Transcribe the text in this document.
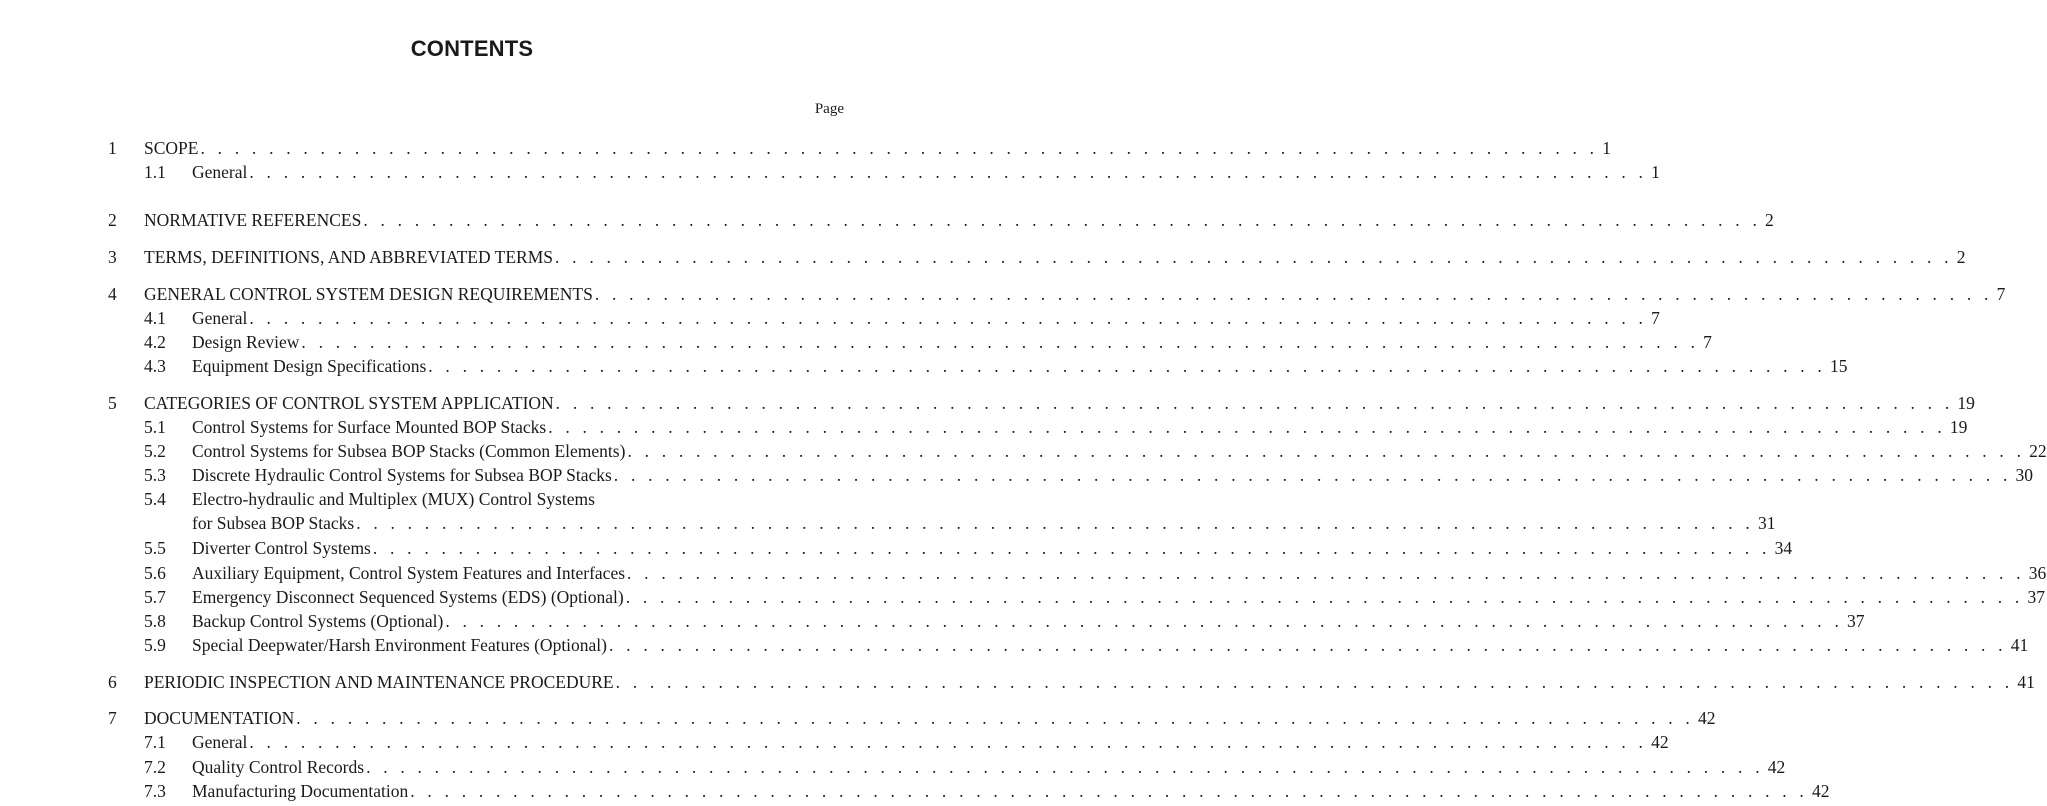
CONTENTS
Page
1 SCOPE . . . . . . . . . . . . . . . . . . . . . . . . . . . . . . . . . . . . . . . . . . . . . . . . . . . . . . . . . . . . . . . . . . . . . . . . . . . . . . . . . . 1
1.1 General . . . . . . . . . . . . . . . . . . . . . . . . . . . . . . . . . . . . . . . . . . . . . . . . . . . . . . . . . . . . . . . . . . . . . . . . . . . . . . . . . . 1
2 NORMATIVE REFERENCES . . . . . . . . . . . . . . . . . . . . . . . . . . . . . . . . . . . . . . . . . . . . . . . . . . . . . . . . . . . . . . . . . . . . . . . . . . . . . . . . . . 2
3 TERMS, DEFINITIONS, AND ABBREVIATED TERMS . . . . . . . . . . . . . . . . . . . . . . . . . . . . . . . . . . . . . . . . . . . . . . . . . . . . . . . . . . . . . . . . . . . . . . . . . . . . . . . . . . 2
4 GENERAL CONTROL SYSTEM DESIGN REQUIREMENTS . . . . . . . . . . . . . . . . . . . . . . . . . . . . . . . . . . . . . . . . . . . . . . . . . . . . . . . . . . . . . . . . . . . . . . . . . . . . . . . . . . 7
4.1 General . . . . . . . . . . . . . . . . . . . . . . . . . . . . . . . . . . . . . . . . . . . . . . . . . . . . . . . . . . . . . . . . . . . . . . . . . . . . . . . . . . 7
4.2 Design Review . . . . . . . . . . . . . . . . . . . . . . . . . . . . . . . . . . . . . . . . . . . . . . . . . . . . . . . . . . . . . . . . . . . . . . . . . . . . . . . . . . 7
4.3 Equipment Design Specifications . . . . . . . . . . . . . . . . . . . . . . . . . . . . . . . . . . . . . . . . . . . . . . . . . . . . . . . . . . . . . . . . . . . . . . . . . . . . . . . . . . 15
5 CATEGORIES OF CONTROL SYSTEM APPLICATION . . . . . . . . . . . . . . . . . . . . . . . . . . . . . . . . . . . . . . . . . . . . . . . . . . . . . . . . . . . . . . . . . . . . . . . . . . . . . . . . . . 19
5.1 Control Systems for Surface Mounted BOP Stacks . . . . . . . . . . . . . . . . . . . . . . . . . . . . . . . . . . . . . . . . . . . . . . . . . . . . . . . . . . . . . . . . . . . . . . . . . . . . . . . . . . 19
5.2 Control Systems for Subsea BOP Stacks (Common Elements) . . . . . . . . . . . . . . . . . . . . . . . . . . . . . . . . . . . . . . . . . . . . . . . . . . . . . . . . . . . . . . . . . . . . . . . . . . . . . . . . . . 22
5.3 Discrete Hydraulic Control Systems for Subsea BOP Stacks . . . . . . . . . . . . . . . . . . . . . . . . . . . . . . . . . . . . . . . . . . . . . . . . . . . . . . . . . . . . . . . . . . . . . . . . . . . . . . . . . . 30
5.4 Electro-hydraulic and Multiplex (MUX) Control Systems
for Subsea BOP Stacks . . . . . . . . . . . . . . . . . . . . . . . . . . . . . . . . . . . . . . . . . . . . . . . . . . . . . . . . . . . . . . . . . . . . . . . . . . . . . . . . . . 31
5.5 Diverter Control Systems . . . . . . . . . . . . . . . . . . . . . . . . . . . . . . . . . . . . . . . . . . . . . . . . . . . . . . . . . . . . . . . . . . . . . . . . . . . . . . . . . . 34
5.6 Auxiliary Equipment, Control System Features and Interfaces . . . . . . . . . . . . . . . . . . . . . . . . . . . . . . . . . . . . . . . . . . . . . . . . . . . . . . . . . . . . . . . . . . . . . . . . . . . . . . . . . . 36
5.7 Emergency Disconnect Sequenced Systems (EDS) (Optional) . . . . . . . . . . . . . . . . . . . . . . . . . . . . . . . . . . . . . . . . . . . . . . . . . . . . . . . . . . . . . . . . . . . . . . . . . . . . . . . . . . 37
5.8 Backup Control Systems (Optional) . . . . . . . . . . . . . . . . . . . . . . . . . . . . . . . . . . . . . . . . . . . . . . . . . . . . . . . . . . . . . . . . . . . . . . . . . . . . . . . . . . 37
5.9 Special Deepwater/Harsh Environment Features (Optional) . . . . . . . . . . . . . . . . . . . . . . . . . . . . . . . . . . . . . . . . . . . . . . . . . . . . . . . . . . . . . . . . . . . . . . . . . . . . . . . . . . 41
6 PERIODIC INSPECTION AND MAINTENANCE PROCEDURE . . . . . . . . . . . . . . . . . . . . . . . . . . . . . . . . . . . . . . . . . . . . . . . . . . . . . . . . . . . . . . . . . . . . . . . . . . . . . . . . . . 41
7 DOCUMENTATION . . . . . . . . . . . . . . . . . . . . . . . . . . . . . . . . . . . . . . . . . . . . . . . . . . . . . . . . . . . . . . . . . . . . . . . . . . . . . . . . . . 42
7.1 General . . . . . . . . . . . . . . . . . . . . . . . . . . . . . . . . . . . . . . . . . . . . . . . . . . . . . . . . . . . . . . . . . . . . . . . . . . . . . . . . . . 42
7.2 Quality Control Records . . . . . . . . . . . . . . . . . . . . . . . . . . . . . . . . . . . . . . . . . . . . . . . . . . . . . . . . . . . . . . . . . . . . . . . . . . . . . . . . . . 42
7.3 Manufacturing Documentation . . . . . . . . . . . . . . . . . . . . . . . . . . . . . . . . . . . . . . . . . . . . . . . . . . . . . . . . . . . . . . . . . . . . . . . . . . . . . . . . . . 42
